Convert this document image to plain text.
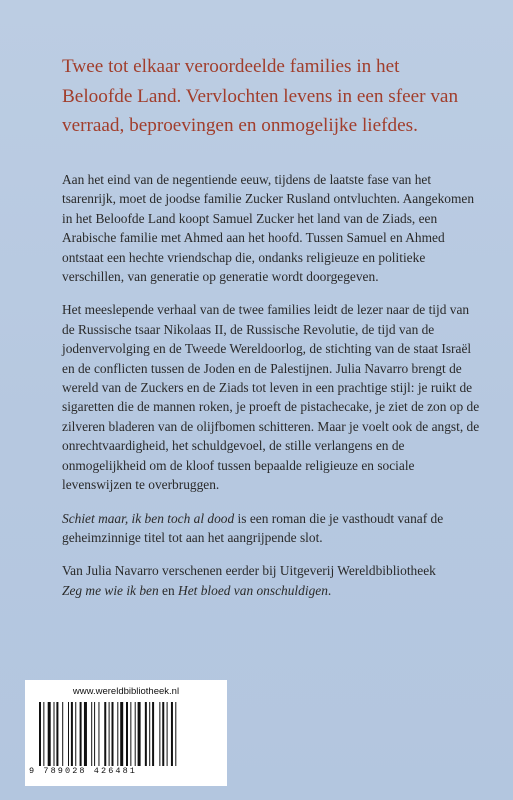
Twee tot elkaar veroordeelde families in het
Beloofde Land. Vervlochten levens in een sfeer van
verraad, beproevingen en onmogelijke liefdes.

Aan het eind van de negentiende eeuw, tijdens de laatste fase van het tsarenrijk, moet de joodse familie Zucker Rusland ontvluchten. Aangekomen in het Beloofde Land koopt Samuel Zucker het land van de Ziads, een Arabische familie met Ahmed aan het hoofd. Tussen Samuel en Ahmed ontstaat een hechte vriendschap die, ondanks religieuze en politieke verschillen, van generatie op generatie wordt doorgegeven.

Het meeslepende verhaal van de twee families leidt de lezer naar de tijd van de Russische tsaar Nikolaas II, de Russische Revolutie, de tijd van de jodenvervolging en de Tweede Wereldoorlog, de stichting van de staat Israël en de conflicten tussen de Joden en de Palestijnen. Julia Navarro brengt de wereld van de Zuckers en de Ziads tot leven in een prachtige stijl: je ruikt de sigaretten die de mannen roken, je proeft de pistachecake, je ziet de zon op de zilveren bladeren van de olijfbomen schitteren. Maar je voelt ook de angst, de onrechtvaardigheid, het schuldgevoel, de stille verlangens en de onmogelijkheid om de kloof tussen bepaalde religieuze en sociale levenswijzen te overbruggen.

Schiet maar, ik ben toch al dood is een roman die je vasthoudt vanaf de geheimzinnige titel tot aan het aangrijpende slot.

Van Julia Navarro verschenen eerder bij Uitgeverij Wereldbibliotheek
Zeg me wie ik ben en Het bloed van onschuldigen.

www.wereldbibliotheek.nl
9 789028 426481
